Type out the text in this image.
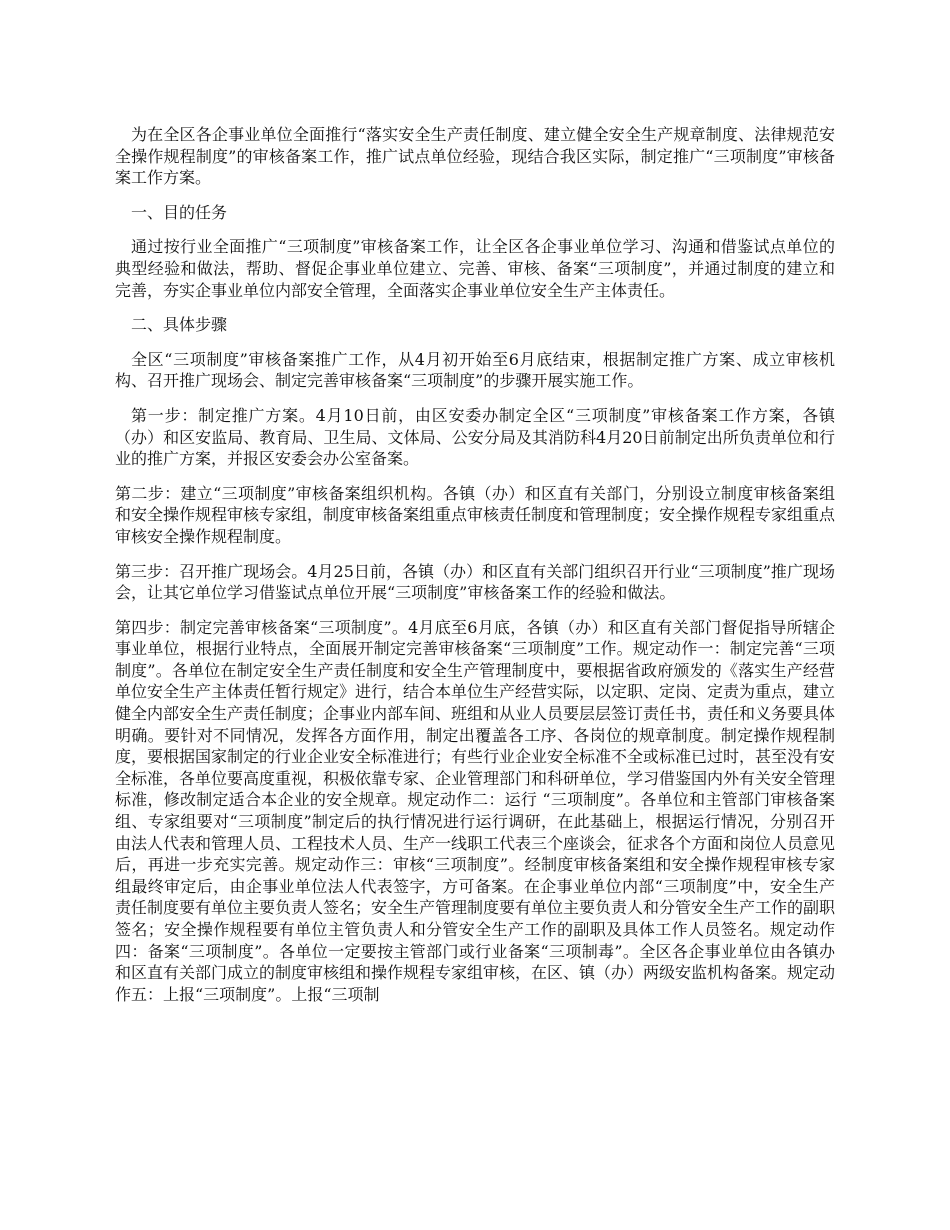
为在全区各企事业单位全面推行“落实安全生产责任制度、建立健全安全生产规章制度、法律规范安全操作规程制度”的审核备案工作，推广试点单位经验，现结合我区实际，制定推广“三项制度”审核备案工作方案。

一、目的任务

通过按行业全面推广“三项制度”审核备案工作，让全区各企事业单位学习、沟通和借鉴试点单位的典型经验和做法，帮助、督促企事业单位建立、完善、审核、备案“三项制度”，并通过制度的建立和完善，夯实企事业单位内部安全管理，全面落实企事业单位安全生产主体责任。

二、具体步骤

全区“三项制度”审核备案推广工作，从4月初开始至6月底结束，根据制定推广方案、成立审核机构、召开推广现场会、制定完善审核备案“三项制度”的步骤开展实施工作。

第一步：制定推广方案。4月10日前，由区安委办制定全区“三项制度”审核备案工作方案，各镇（办）和区安监局、教育局、卫生局、文体局、公安分局及其消防科4月20日前制定出所负责单位和行业的推广方案，并报区安委会办公室备案。

第二步：建立“三项制度”审核备案组织机构。各镇（办）和区直有关部门，分别设立制度审核备案组和安全操作规程审核专家组，制度审核备案组重点审核责任制度和管理制度；安全操作规程专家组重点审核安全操作规程制度。

第三步：召开推广现场会。4月25日前，各镇（办）和区直有关部门组织召开行业“三项制度”推广现场会，让其它单位学习借鉴试点单位开展“三项制度”审核备案工作的经验和做法。

第四步：制定完善审核备案“三项制度”。4月底至6月底，各镇（办）和区直有关部门督促指导所辖企事业单位，根据行业特点，全面展开制定完善审核备案“三项制度”工作。规定动作一：制定完善“三项制度”。各单位在制定安全生产责任制度和安全生产管理制度中，要根据省政府颁发的《落实生产经营单位安全生产主体责任暂行规定》进行，结合本单位生产经营实际，以定职、定岗、定责为重点，建立健全内部安全生产责任制度；企事业内部车间、班组和从业人员要层层签订责任书，责任和义务要具体明确。要针对不同情况，发挥各方面作用，制定出覆盖各工序、各岗位的规章制度。制定操作规程制度，要根据国家制定的行业企业安全标准进行；有些行业企业安全标准不全或标准已过时，甚至没有安全标准，各单位要高度重视，积极依靠专家、企业管理部门和科研单位，学习借鉴国内外有关安全管理标准，修改制定适合本企业的安全规章。规定动作二：运行 “三项制度”。各单位和主管部门审核备案组、专家组要对“三项制度”制定后的执行情况进行运行调研，在此基础上，根据运行情况，分别召开由法人代表和管理人员、工程技术人员、生产一线职工代表三个座谈会，征求各个方面和岗位人员意见后，再进一步充实完善。规定动作三：审核“三项制度”。经制度审核备案组和安全操作规程审核专家组最终审定后，由企事业单位法人代表签字，方可备案。在企事业单位内部“三项制度”中，安全生产责任制度要有单位主要负责人签名；安全生产管理制度要有单位主要负责人和分管安全生产工作的副职签名；安全操作规程要有单位主管负责人和分管安全生产工作的副职及具体工作人员签名。规定动作四：备案“三项制度”。各单位一定要按主管部门或行业备案“三项制毒”。全区各企事业单位由各镇办和区直有关部门成立的制度审核组和操作规程专家组审核，在区、镇（办）两级安监机构备案。规定动作五：上报“三项制度”。上报“三项制
